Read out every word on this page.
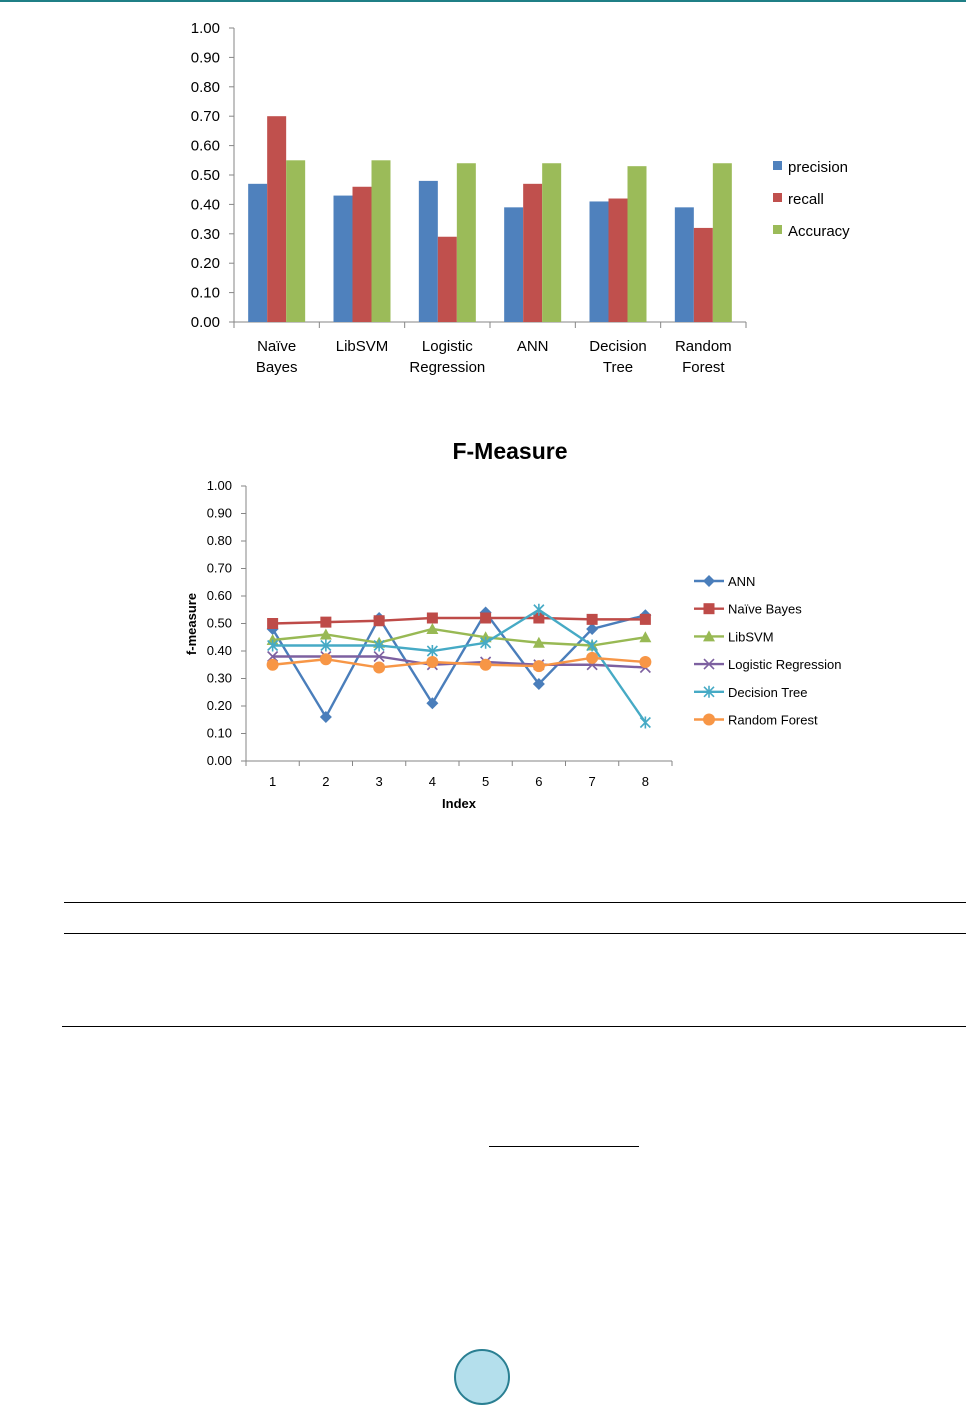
0.00
0.10
0.20
0.30
0.40
0.50
0.60
0.70
0.80
0.90
1.00
Naïve
Bayes
LibSVM Logistic
Regression
ANN	Decision
Tree
Random
Forest
precision
recall
Accuracy
F-Measure
0.00
0.10
0.20
0.30
0.40
0.50
0.60
0.70
0.80
0.90
1.00
1	2	3	4	5	6	7	8
Index
f-measure
ANN
Naïve Bayes
LibSVM
Logistic Regression
Decision Tree
Random Forest
